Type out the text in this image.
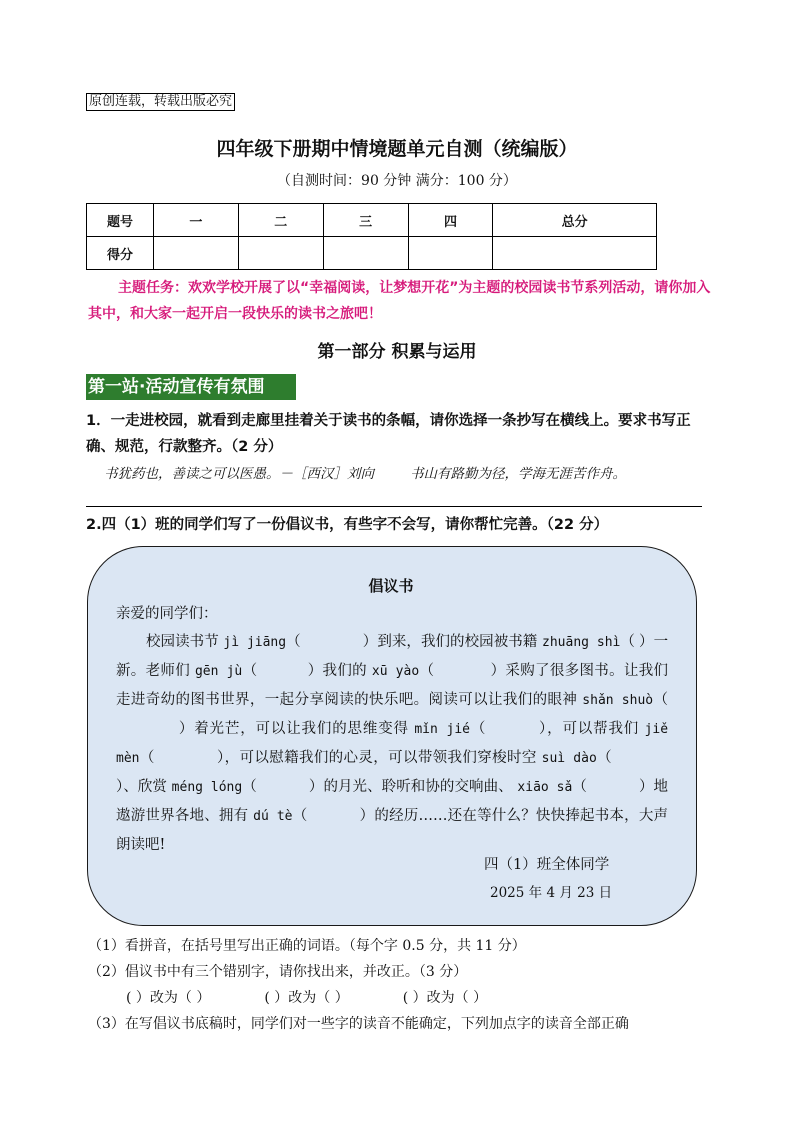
原创连载，转载出版必究
四年级下册期中情境题单元自测（统编版）
（自测时间：90 分钟 满分：100 分）
题号	一	二	三	四	总分
得分					
主题任务：欢欢学校开展了以“幸福阅读，让梦想开花”为主题的校园读书节系列活动，请你加入其中，和大家一起开启一段快乐的读书之旅吧！
第一部分 积累与运用
第一站·活动宣传有氛围
1．一走进校园，就看到走廊里挂着关于读书的条幅，请你选择一条抄写在横线上。要求书写正确、规范，行款整齐。（2 分）
书犹药也，善读之可以医愚。－［西汉］刘向	书山有路勤为径，学海无涯苦作舟。
2.四（1）班的同学们写了一份倡议书，有些字不会写，请你帮忙完善。（22 分）
倡议书
亲爱的同学们：
校园读书节 jì jiāng（	）到来，我们的校园被书籍 zhuāng shì（ ）一新。老师们 gēn jù（	）我们的 xū yào（	）采购了很多图书。让我们走进奇幼的图书世界，一起分享阅读的快乐吧。阅读可以让我们的眼神 shǎn shuò（）着光芒，可以让我们的思维变得 mǐn jié（	），可以帮我们 jiě mèn（	），可以慰籍我们的心灵，可以带领我们穿梭时空 suì dào（）、欣赏 méng lóng（	）的月光、聆听和协的交响曲、 xiāo sǎ（	）地遨游世界各地、拥有 dú tè（	）的经历……还在等什么？快快捧起书本，大声朗读吧!
四（1）班全体同学
2025 年 4 月 23 日
（1）看拼音，在括号里写出正确的词语。（每个字 0.5 分，共 11 分）
（2）倡议书中有三个错别字，请你找出来，并改正。（3 分）
( ）改为（ ）	( ）改为（ ）	( ）改为（ ）
（3）在写倡议书底稿时，同学们对一些字的读音不能确定，下列加点字的读音全部正确
